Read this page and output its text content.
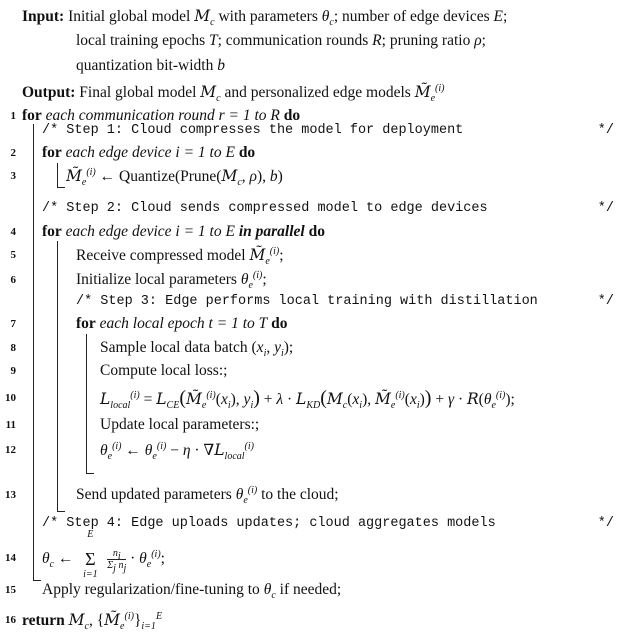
Input: Initial global model $M_c$ with parameters $\theta_c$; number of edge devices E;
local training epochs T; communication rounds R; pruning ratio ρ;
quantization bit-width b
Output: Final global model $M_c$ and personalized edge models $M̃_e^{(i)}$
1 for each communication round r = 1 to R do
/* Step 1: Cloud compresses the model for deployment	*/
2 for each edge device i = 1 to E do
3	$M̃_e^{(i)}$ ← $Quantize(Prune(M_c$, ρ), b)
/* Step 2: Cloud sends compressed model to edge devices	*/
4 for each edge device i = 1 to E in parallel do
5	Receive compressed model $M̃_e^{(i)}$;
6	Initialize local parameters $\theta_e^{(i)}$;
/* Step 3: Edge performs local training with distillation	*/
7	for each local epoch t = 1 to T do
8	Sample local data batch ($x_i$, $y_i$);
9	Compute local loss:;
10	$L_{local}^{(i)}$ = $L_{CE}(M̃_e^{(i)}(x_i)$, $y_i) + \lambda \cdot L_{KD}(M_c(x_i)$, $M̃_e^{(i)}(x_i)) + \gamma \cdot R(\theta_e^{(i)})$;
11	Update local parameters:;
12	$\theta_e^{(i)}$ ← $\theta_e^{(i)} - \eta \cdot \nabla L_{local}^{(i)}$
13	Send updated parameters $\theta_e^{(i)}$ to the cloud;
/* Step 4: Edge uploads updates; cloud aggregates models	*/
14 $\theta_c$ ←
E
Σ
i=1

$\frac{n_i}{\Sigma_j n_j} \cdot \theta_e^{(i)}$;
15 Apply regularization/fine-tuning to $\theta_c$ if needed;
16 return $M_c$, $\{M̃_e^{(i)}\}_{i=1}^E$
